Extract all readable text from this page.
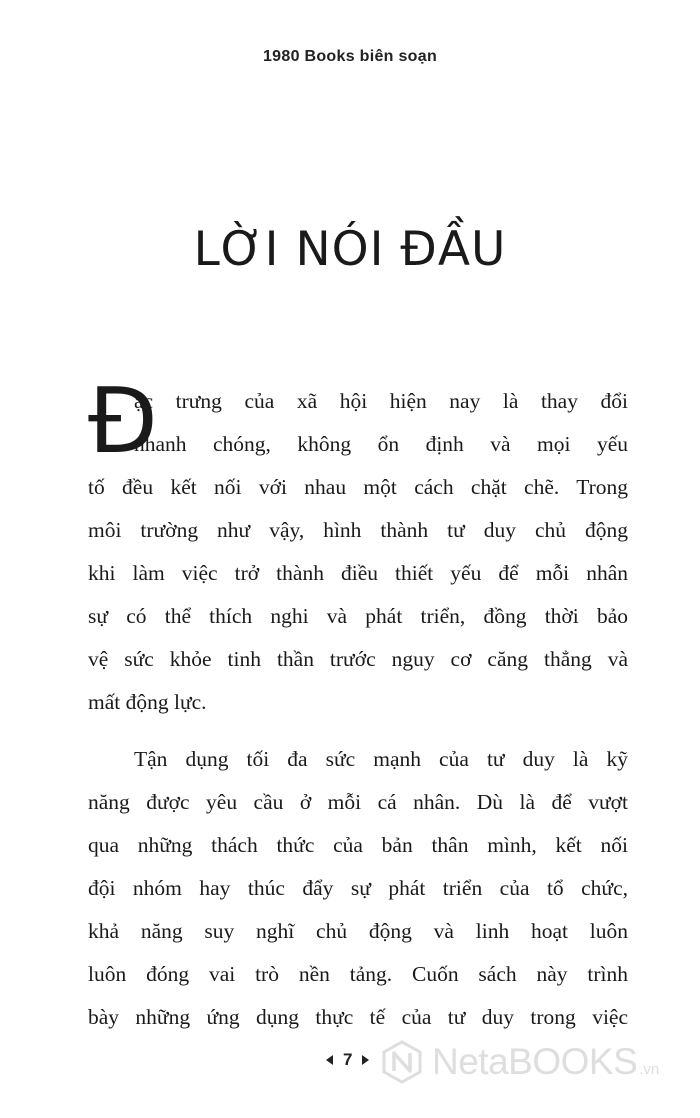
1980 Books biên soạn
LỜI NÓI ĐẦU
Đ
ặc trưng của xã hội hiện nay là thay đổi
nhanh chóng, không ổn định và mọi yếu
tố đều kết nối với nhau một cách chặt chẽ. Trong
môi trường như vậy, hình thành tư duy chủ động
khi làm việc trở thành điều thiết yếu để mỗi nhân
sự có thể thích nghi và phát triển, đồng thời bảo
vệ sức khỏe tinh thần trước nguy cơ căng thẳng và
mất động lực.
Tận dụng tối đa sức mạnh của tư duy là kỹ
năng được yêu cầu ở mỗi cá nhân. Dù là để vượt
qua những thách thức của bản thân mình, kết nối
đội nhóm hay thúc đẩy sự phát triển của tổ chức,
khả năng suy nghĩ chủ động và linh hoạt luôn
luôn đóng vai trò nền tảng. Cuốn sách này trình
bày những ứng dụng thực tế của tư duy trong việc
7 NetaBOOKS .vn
